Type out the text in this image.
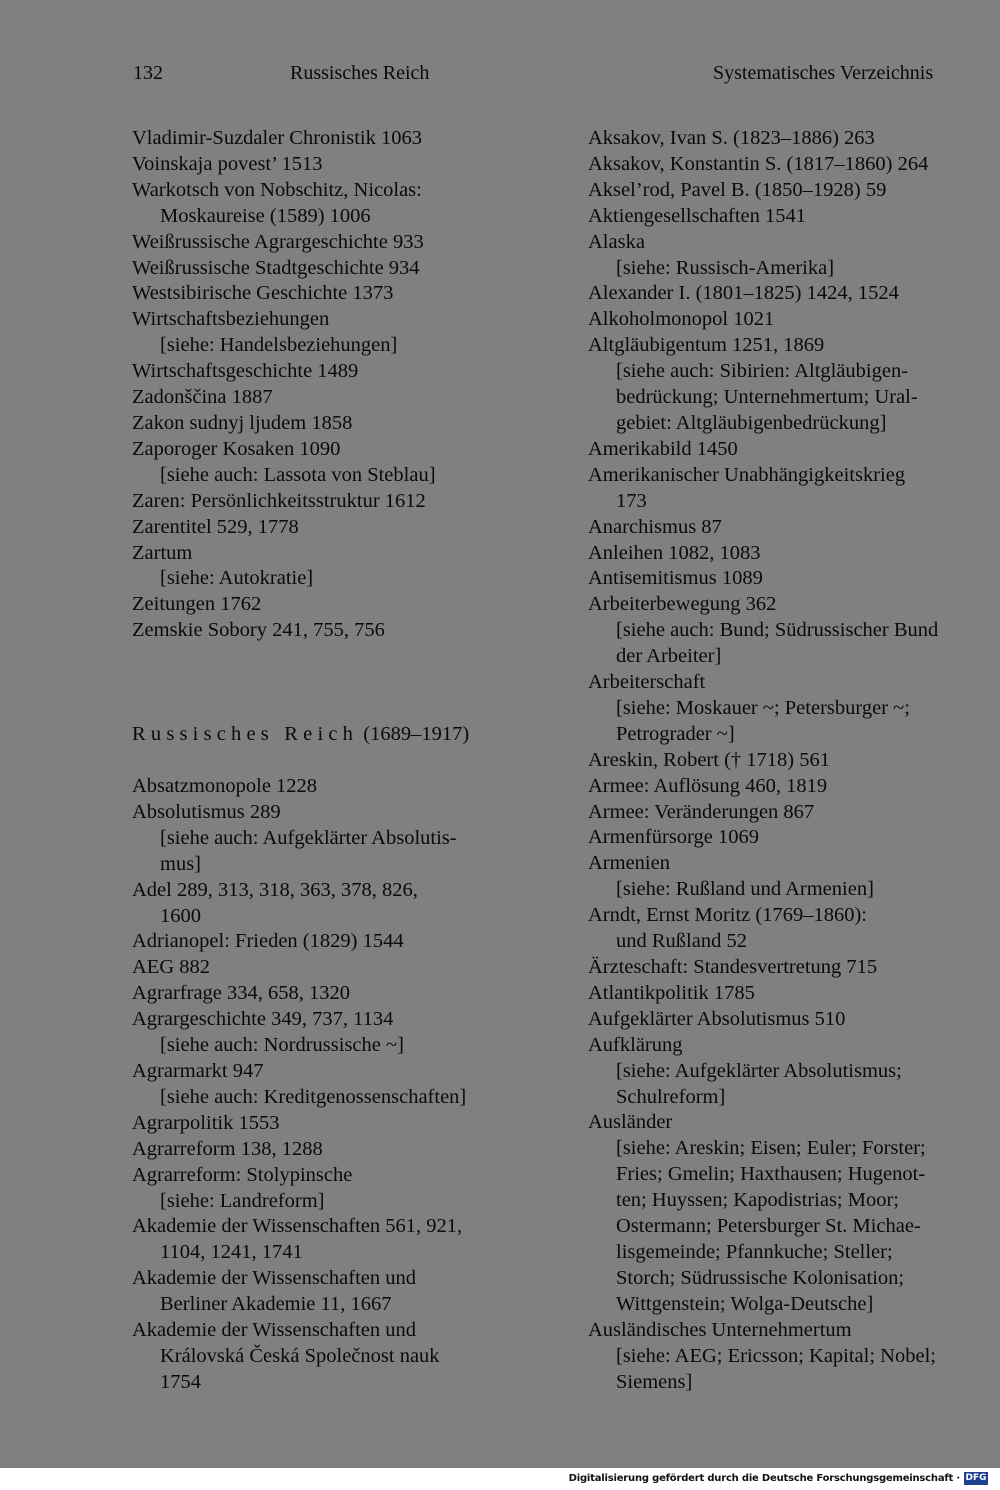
132	Russisches Reich	Systematisches Verzeichnis
Vladimir-Suzdaler Chronistik 1063
Voinskaja povest’ 1513
Warkotsch von Nobschitz, Nicolas:
Moskaureise (1589) 1006
Weißrussische Agrargeschichte 933
Weißrussische Stadtgeschichte 934
Westsibirische Geschichte 1373
Wirtschaftsbeziehungen
[siehe: Handelsbeziehungen]
Wirtschaftsgeschichte 1489
Zadonščina 1887
Zakon sudnyj ljudem 1858
Zaporoger Kosaken 1090
[siehe auch: Lassota von Steblau]
Zaren: Persönlichkeitsstruktur 1612
Zarentitel 529, 1778
Zartum
[siehe: Autokratie]
Zeitungen 1762
Zemskie Sobory 241, 755, 756
Russisches Reich (1689–1917)
Absatzmonopole 1228
Absolutismus 289
[siehe auch: Aufgeklärter Absolutis-
mus]
Adel 289, 313, 318, 363, 378, 826,
1600
Adrianopel: Frieden (1829) 1544
AEG 882
Agrarfrage 334, 658, 1320
Agrargeschichte 349, 737, 1134
[siehe auch: Nordrussische ~]
Agrarmarkt 947
[siehe auch: Kreditgenossenschaften]
Agrarpolitik 1553
Agrarreform 138, 1288
Agrarreform: Stolypinsche
[siehe: Landreform]
Akademie der Wissenschaften 561, 921,
1104, 1241, 1741
Akademie der Wissenschaften und
Berliner Akademie 11, 1667
Akademie der Wissenschaften und
Královská Česká Společnost nauk
1754
Aksakov, Ivan S. (1823–1886) 263
Aksakov, Konstantin S. (1817–1860) 264
Aksel’rod, Pavel B. (1850–1928) 59
Aktiengesellschaften 1541
Alaska
[siehe: Russisch-Amerika]
Alexander I. (1801–1825) 1424, 1524
Alkoholmonopol 1021
Altgläubigentum 1251, 1869
[siehe auch: Sibirien: Altgläubigen-
bedrückung; Unternehmertum; Ural-
gebiet: Altgläubigenbedrückung]
Amerikabild 1450
Amerikanischer Unabhängigkeitskrieg
173
Anarchismus 87
Anleihen 1082, 1083
Antisemitismus 1089
Arbeiterbewegung 362
[siehe auch: Bund; Südrussischer Bund
der Arbeiter]
Arbeiterschaft
[siehe: Moskauer ~; Petersburger ~;
Petrograder ~]
Areskin, Robert († 1718) 561
Armee: Auflösung 460, 1819
Armee: Veränderungen 867
Armenfürsorge 1069
Armenien
[siehe: Rußland und Armenien]
Arndt, Ernst Moritz (1769–1860):
und Rußland 52
Ärzteschaft: Standesvertretung 715
Atlantikpolitik 1785
Aufgeklärter Absolutismus 510
Aufklärung
[siehe: Aufgeklärter Absolutismus;
Schulreform]
Ausländer
[siehe: Areskin; Eisen; Euler; Forster;
Fries; Gmelin; Haxthausen; Hugenot-
ten; Huyssen; Kapodistrias; Moor;
Ostermann; Petersburger St. Michae-
lisgemeinde; Pfannkuche; Steller;
Storch; Südrussische Kolonisation;
Wittgenstein; Wolga-Deutsche]
Ausländisches Unternehmertum
[siehe: AEG; Ericsson; Kapital; Nobel;
Siemens]
Digitalisierung gefördert durch die Deutsche Forschungsgemeinschaft · DFG
